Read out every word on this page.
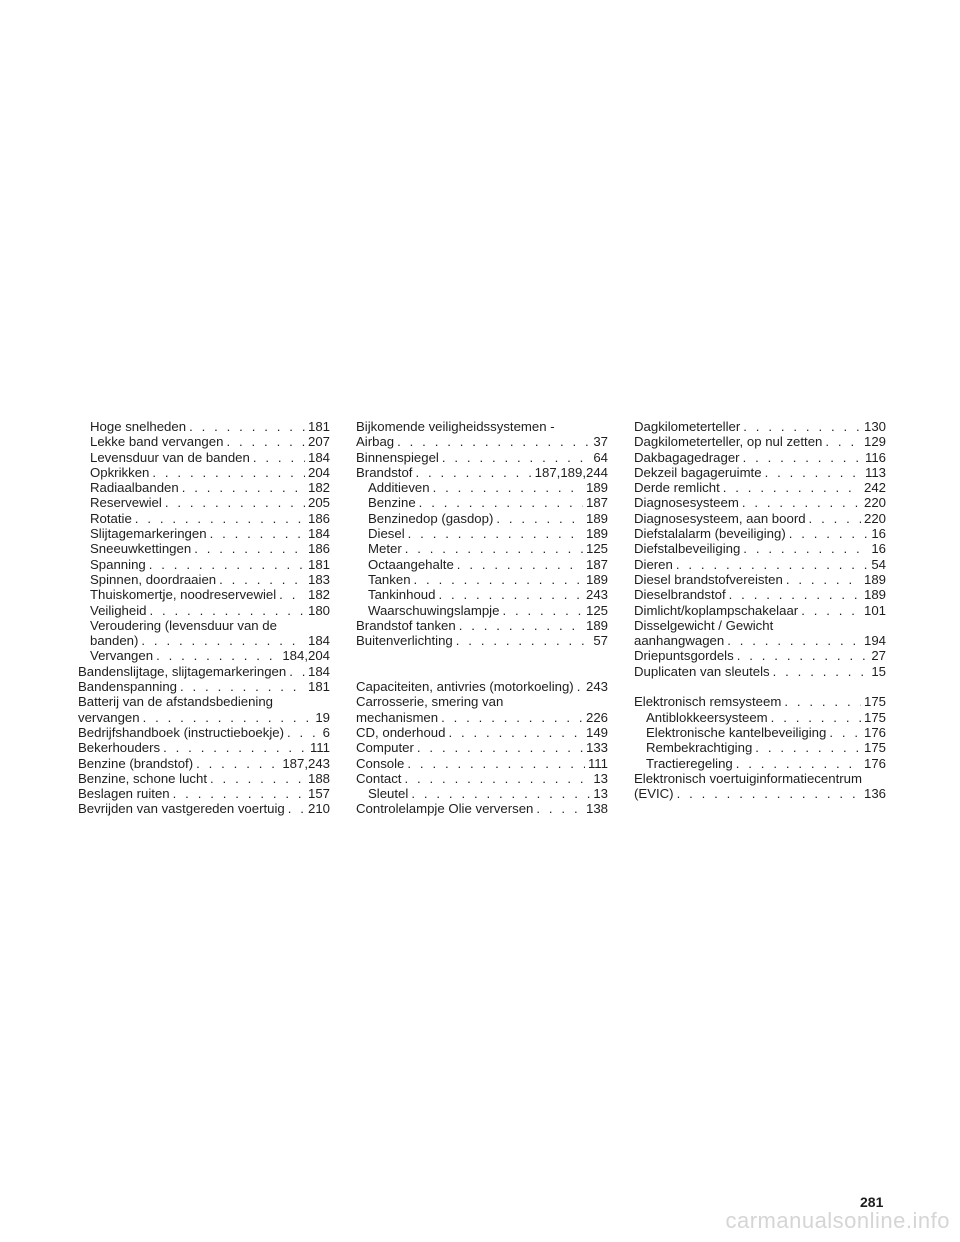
Hoge snelheden . . .	181
Lekke band vervangen . . .	207
Levensduur van de banden . . .	184
Opkrikken . . .	204
Radiaalbanden . . .	182
Reservewiel . . .	205
Rotatie . . .	186
Slijtagemarkeringen . . .	184
Sneeuwkettingen . . .	186
Spanning . . .	181
Spinnen, doordraaien . . .	183
Thuiskomertje, noodreservewiel . . . 182
Veiligheid . . .	180
Veroudering (levensduur van de
banden) . . .	184
Vervangen . . .	184,204
Bandenslijtage, slijtagemarkeringen . . . 184
Bandenspanning . . .	181
Batterij van de afstandsbediening
vervangen . . .	19
Bedrijfshandboek (instructieboekje) . . .	6
Bekerhouders . . .	111
Benzine (brandstof) . . .	187,243
Benzine, schone lucht . . .	188
Beslagen ruiten . . .	157
Bevrijden van vastgereden voertuig . . . 210
Bijkomende veiligheidssystemen -
Airbag . . .	37
Binnenspiegel . . .	64
Brandstof . . .	187,189,244
Additieven . . .	189
Benzine . . .	187
Benzinedop (gasdop) . . .	189
Diesel . . .	189
Meter . . .	125
Octaangehalte . . .	187
Tanken . . .	189
Tankinhoud . . .	243
Waarschuwingslampje . . .	125
Brandstof tanken . . .	189
Buitenverlichting . . .	57
Capaciteiten, antivries (motorkoeling) . . . 243
Carrosserie, smering van
mechanismen . . .	226
CD, onderhoud . . .	149
Computer . . .	133
Console . . .	111
Contact . . .	13
Sleutel . . .	13
Controlelampje Olie verversen . . .	138
Dagkilometerteller . . .	130
Dagkilometerteller, op nul zetten . . .	129
Dakbagagedrager . . .	116
Dekzeil bagageruimte . . .	113
Derde remlicht . . .	242
Diagnosesysteem . . .	220
Diagnosesysteem, aan boord . . .	220
Diefstalalarm (beveiliging) . . .	16
Diefstalbeveiliging . . .	16
Dieren . . .	54
Diesel brandstofvereisten . . .	189
Dieselbrandstof . . .	189
Dimlicht/koplampschakelaar . . .	101
Disselgewicht / Gewicht
aanhangwagen . . .	194
Driepuntsgordels . . .	27
Duplicaten van sleutels . . .	15
Elektronisch remsysteem . . .	175
Antiblokkeersysteem . . .	175
Elektronische kantelbeveiliging . . .	176
Rembekrachtiging . . .	175
Tractieregeling . . .	176
Elektronisch voertuiginformatiecentrum
(EVIC) . . .	136
281
carmanualsonline.info
